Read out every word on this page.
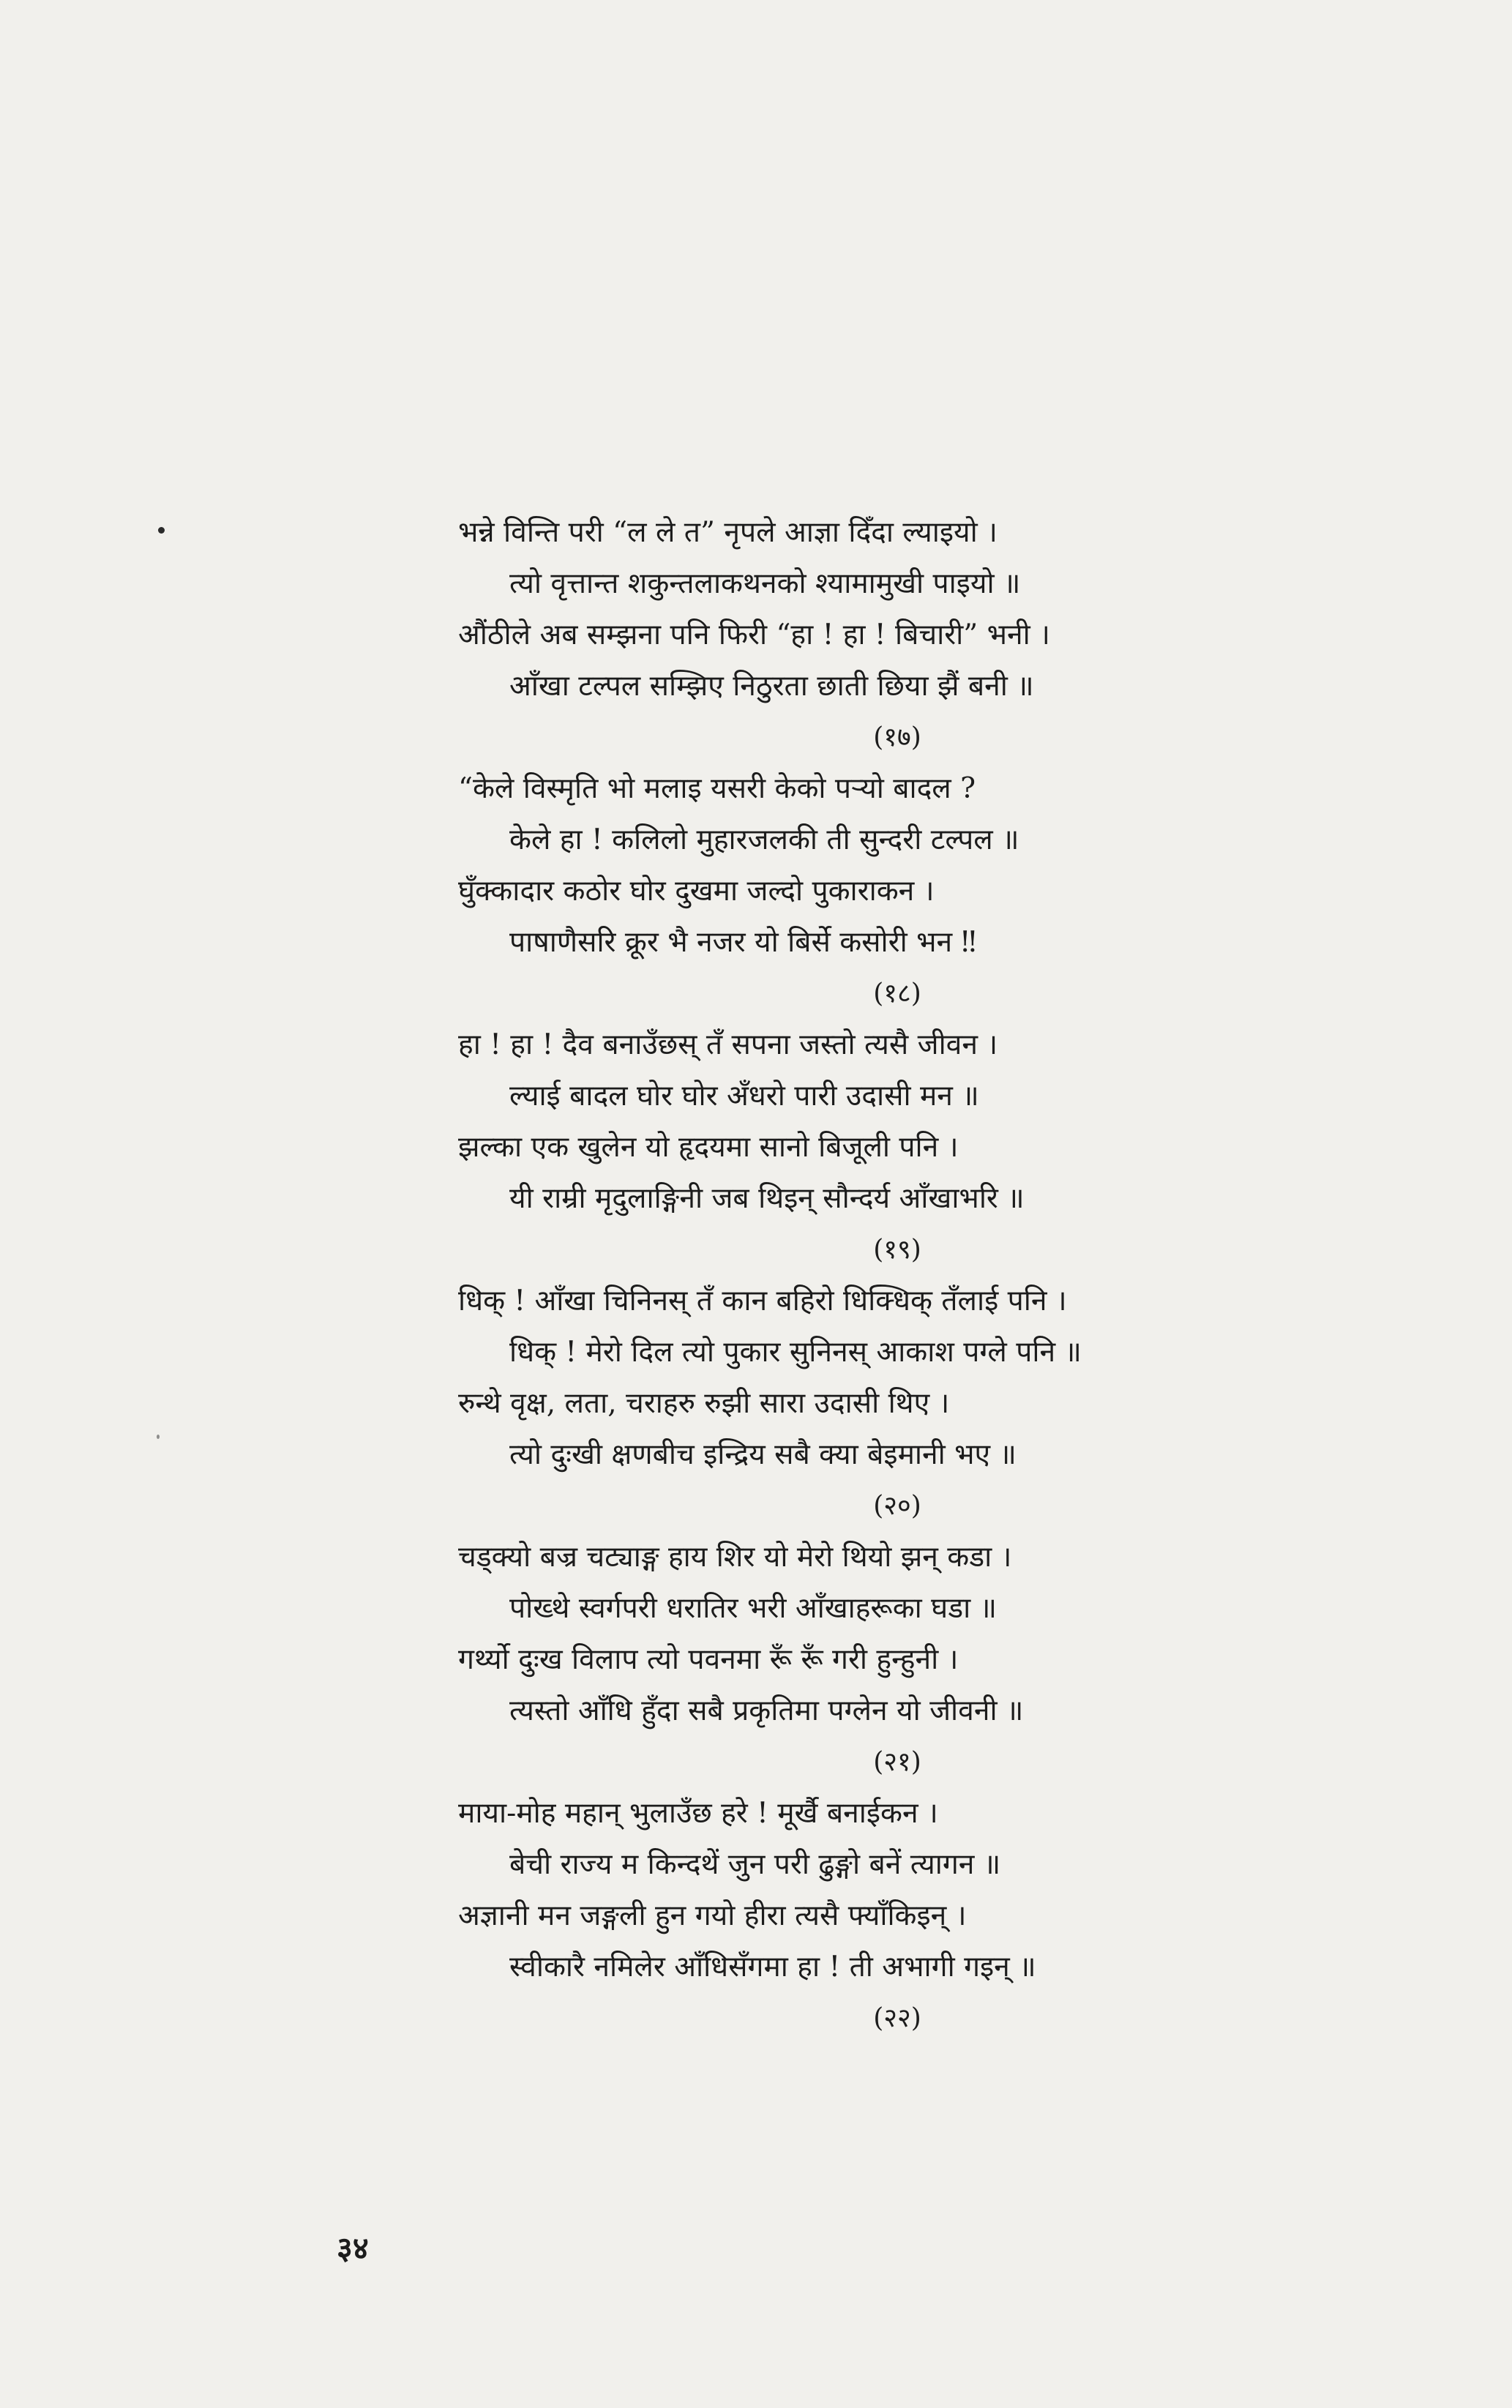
भन्ने विन्ति परी “ल ले त” नृपले आज्ञा दिँदा ल्याइयो ।
त्यो वृत्तान्त शकुन्तलाकथनको श्यामामुखी पाइयो ॥
औंठीले अब सम्झना पनि फिरी “हा ! हा ! बिचारी” भनी ।
आँखा टल्पल सम्झिए निठुरता छाती छिया झैं बनी ॥
(१७)
“केले विस्मृति भो मलाइ यसरी केको पऱ्यो बादल ?
केले हा ! कलिलो मुहारजलकी ती सुन्दरी टल्पल ॥
घुँक्कादार कठोर घोर दुखमा जल्दो पुकाराकन ।
पाषाणैसरि क्रूर भै नजर यो बिर्से कसोरी भन ‼
(१८)
हा ! हा ! दैव बनाउँछस् तँ सपना जस्तो त्यसै जीवन ।
ल्याई बादल घोर घोर अँधरो पारी उदासी मन ॥
झल्का एक खुलेन यो हृदयमा सानो बिजूली पनि ।
यी राम्री मृदुलाङ्गिनी जब थिइन् सौन्दर्य आँखाभरि ॥
(१९)
धिक् ! आँखा चिनिनस् तँ कान बहिरो धिक्धिक् तँलाई पनि ।
धिक् ! मेरो दिल त्यो पुकार सुनिनस् आकाश पग्ले पनि ॥
रुन्थे वृक्ष, लता, चराहरु रुझी सारा उदासी थिए ।
त्यो दुःखी क्षणबीच इन्द्रिय सबै क्या बेइमानी भए ॥
(२०)
चड्क्यो बज्र चट्याङ्ग हाय शिर यो मेरो थियो झन् कडा ।
पोख्थे स्वर्गपरी धरातिर भरी आँखाहरूका घडा ॥
गर्थ्यो दुःख विलाप त्यो पवनमा रूँ रूँ गरी हुन्हुनी ।
त्यस्तो आँधि हुँदा सबै प्रकृतिमा पग्लेन यो जीवनी ॥
(२१)
माया-मोह महान् भुलाउँछ हरे ! मूर्खै बनाईकन ।
बेची राज्य म किन्दथें जुन परी ढुङ्गो बनें त्यागन ॥
अज्ञानी मन जङ्गली हुन गयो हीरा त्यसै फ्याँकिइन् ।
स्वीकारै नमिलेर आँधिसँगमा हा ! ती अभागी गइन् ॥
(२२)
३४
